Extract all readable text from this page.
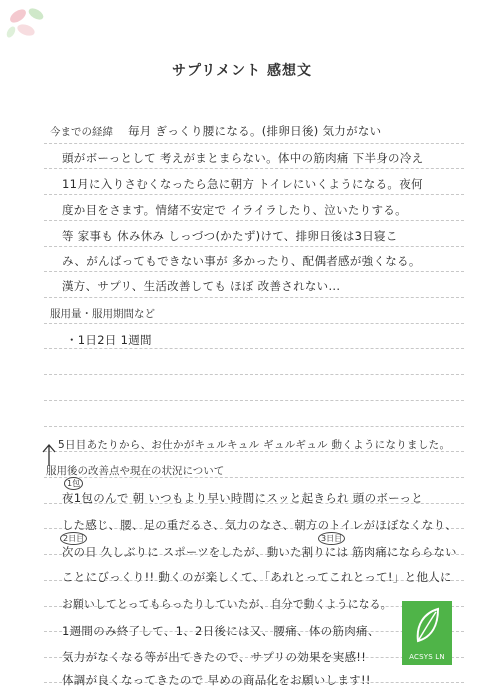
サプリメント 感想文
今までの経緯 毎月 ぎっくり腰になる。(排卵日後) 気力がない
頭がボーっとして 考えがまとまらない。体中の筋肉痛 下半身の冷え
11月に入りさむくなったら急に朝方 トイレにいくようになる。夜何
度か目をさます。情緒不安定で イライラしたり、泣いたりする。
等 家事も 休み休み しっづつ(かたず)けて、排卵日後は3日寝こ
み、がんばってもできない事が 多かったり、配偶者感が強くなる。
漢方、サプリ、生活改善しても ほぼ 改善されない...
服用量・服用期間など
・1日2日 1週間
5日目あたりから、お仕かがキュルキュル ギュルギュル 動くようになりました。
服用後の改善点や現在の状況について
1包
2日目	3日目
夜1包のんで 朝 いつもより早い時間にスッと起きられ 頭のボーっと
した感じ、腰、足の重だるさ、気力のなさ、朝方のトイレがほぼなくなり、
次の日 久しぶりに スポーツをしたが、動いた割りには 筋肉痛になららない
ことにびっくり!! 動くのが楽しくて、「あれとってこれとって!」と他人に
お願いしてとってもらったりしていたが、自分で動くようになる。
1週間のみ終了して、1、2日後には又、腰痛、体の筋肉痛、
気力がなくなる等が出てきたので、サプリの効果を実感!!
体調が良くなってきたので 早めの商品化をお願いします!!
ACSYS LN
